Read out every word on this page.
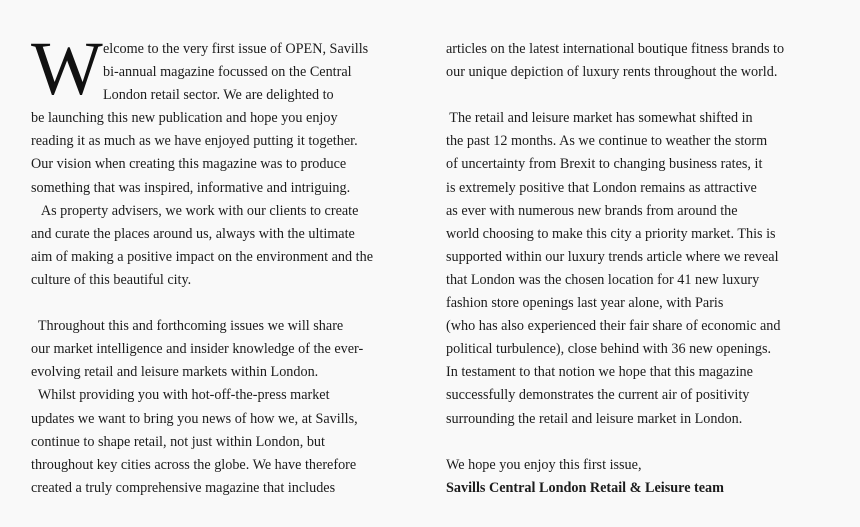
W elcome to the very first issue of OPEN, Savills
bi-annual magazine focussed on the Central
London retail sector. We are delighted to
be launching this new publication and hope you enjoy
reading it as much as we have enjoyed putting it together.
Our vision when creating this magazine was to produce
something that was inspired, informative and intriguing.
As property advisers, we work with our clients to create
and curate the places around us, always with the ultimate
aim of making a positive impact on the environment and the
culture of this beautiful city.
Throughout this and forthcoming issues we will share
our market intelligence and insider knowledge of the ever-
evolving retail and leisure markets within London.
Whilst providing you with hot-off-the-press market
updates we want to bring you news of how we, at Savills,
continue to shape retail, not just within London, but
throughout key cities across the globe. We have therefore
created a truly comprehensive magazine that includes
articles on the latest international boutique fitness brands to
our unique depiction of luxury rents throughout the world.
The retail and leisure market has somewhat shifted in
the past 12 months. As we continue to weather the storm
of uncertainty from Brexit to changing business rates, it
is extremely positive that London remains as attractive
as ever with numerous new brands from around the
world choosing to make this city a priority market. This is
supported within our luxury trends article where we reveal
that London was the chosen location for 41 new luxury
fashion store openings last year alone, with Paris
(who has also experienced their fair share of economic and
political turbulence), close behind with 36 new openings.
In testament to that notion we hope that this magazine
successfully demonstrates the current air of positivity
surrounding the retail and leisure market in London.
We hope you enjoy this first issue,
Savills Central London Retail & Leisure team
